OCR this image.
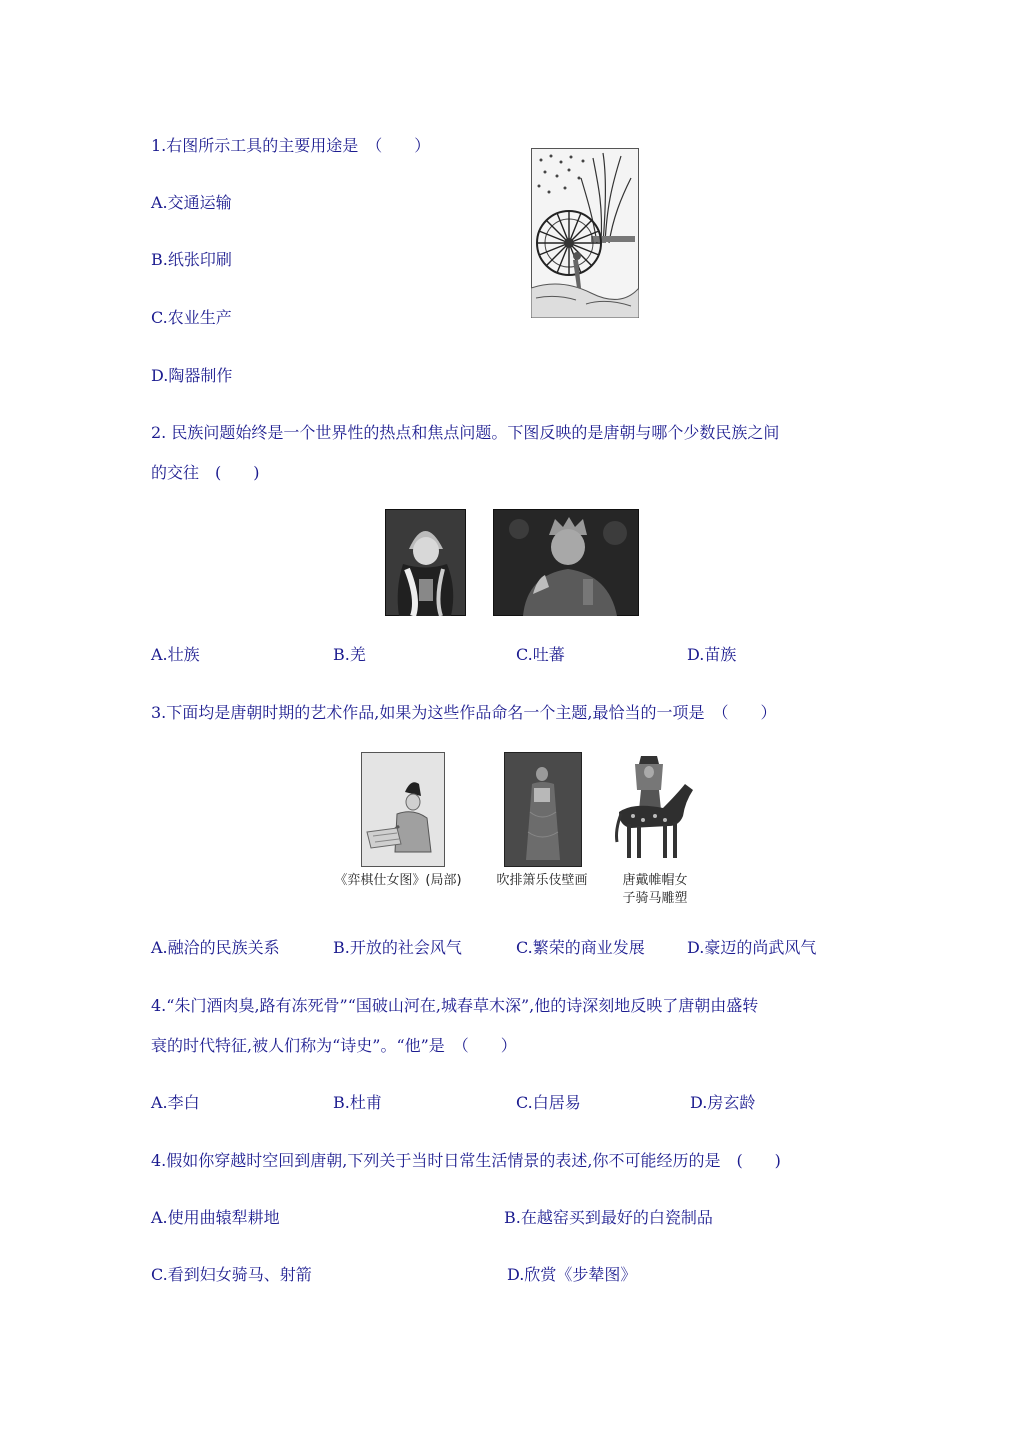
1.右图所示工具的主要用途是　（　　）
A.交通运输
B.纸张印刷
C.农业生产
D.陶器制作
2. 民族问题始终是一个世界性的热点和焦点问题。下图反映的是唐朝与哪个少数民族之间
的交往　(　　)
A.壮族	B.羌	C.吐蕃	D.苗族
3.下面均是唐朝时期的艺术作品,如果为这些作品命名一个主题,最恰当的一项是　（　　）
《弈棋仕女图》(局部)	吹排箫乐伎壁画	唐戴帷帽女
子骑马雕塑
A.融洽的民族关系	B.开放的社会风气	C.繁荣的商业发展	D.豪迈的尚武风气
4.“朱门酒肉臭,路有冻死骨”“国破山河在,城春草木深”,他的诗深刻地反映了唐朝由盛转
衰的时代特征,被人们称为“诗史”。“他”是　（　　）
A.李白	B.杜甫	C.白居易	D.房玄龄
4.假如你穿越时空回到唐朝,下列关于当时日常生活情景的表述,你不可能经历的是　(　　)
A.使用曲辕犁耕地	B.在越窑买到最好的白瓷制品
C.看到妇女骑马、射箭	D.欣赏《步辇图》
